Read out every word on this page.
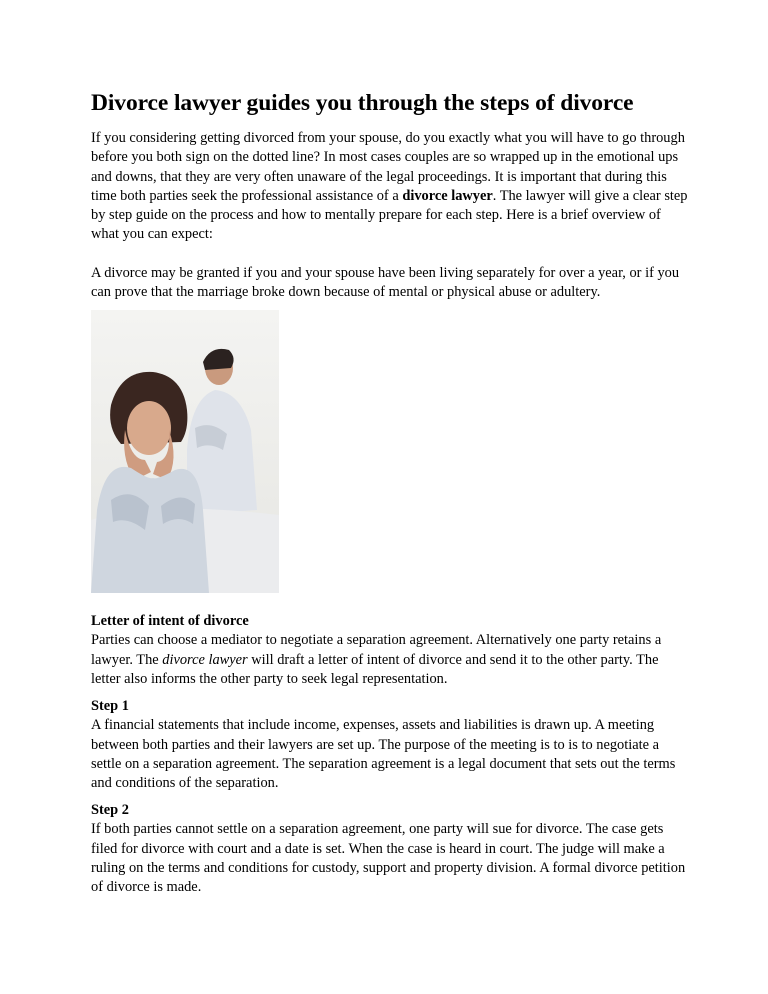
Divorce lawyer guides you through the steps of divorce

If you considering getting divorced from your spouse, do you exactly what you will have to go through before you both sign on the dotted line? In most cases couples are so wrapped up in the emotional ups and downs, that they are very often unaware of the legal proceedings. It is important that during this time both parties seek the professional assistance of a divorce lawyer. The lawyer will give a clear step by step guide on the process and how to mentally prepare for each step. Here is a brief overview of what you can expect:

A divorce may be granted if you and your spouse have been living separately for over a year, or if you can prove that the marriage broke down because of mental or physical abuse or adultery.

Letter of intent of divorce

Parties can choose a mediator to negotiate a separation agreement. Alternatively one party retains a lawyer. The divorce lawyer will draft a letter of intent of divorce and send it to the other party. The letter also informs the other party to seek legal representation.

Step 1

A financial statements that include income, expenses, assets and liabilities is drawn up. A meeting between both parties and their lawyers are set up. The purpose of the meeting is to is to negotiate a settle on a separation agreement. The separation agreement is a legal document that sets out the terms and conditions of the separation.

Step 2

If both parties cannot settle on a separation agreement, one party will sue for divorce. The case gets filed for divorce with court and a date is set. When the case is heard in court. The judge will make a ruling on the terms and conditions for custody, support and property division. A formal divorce petition of divorce is made.
